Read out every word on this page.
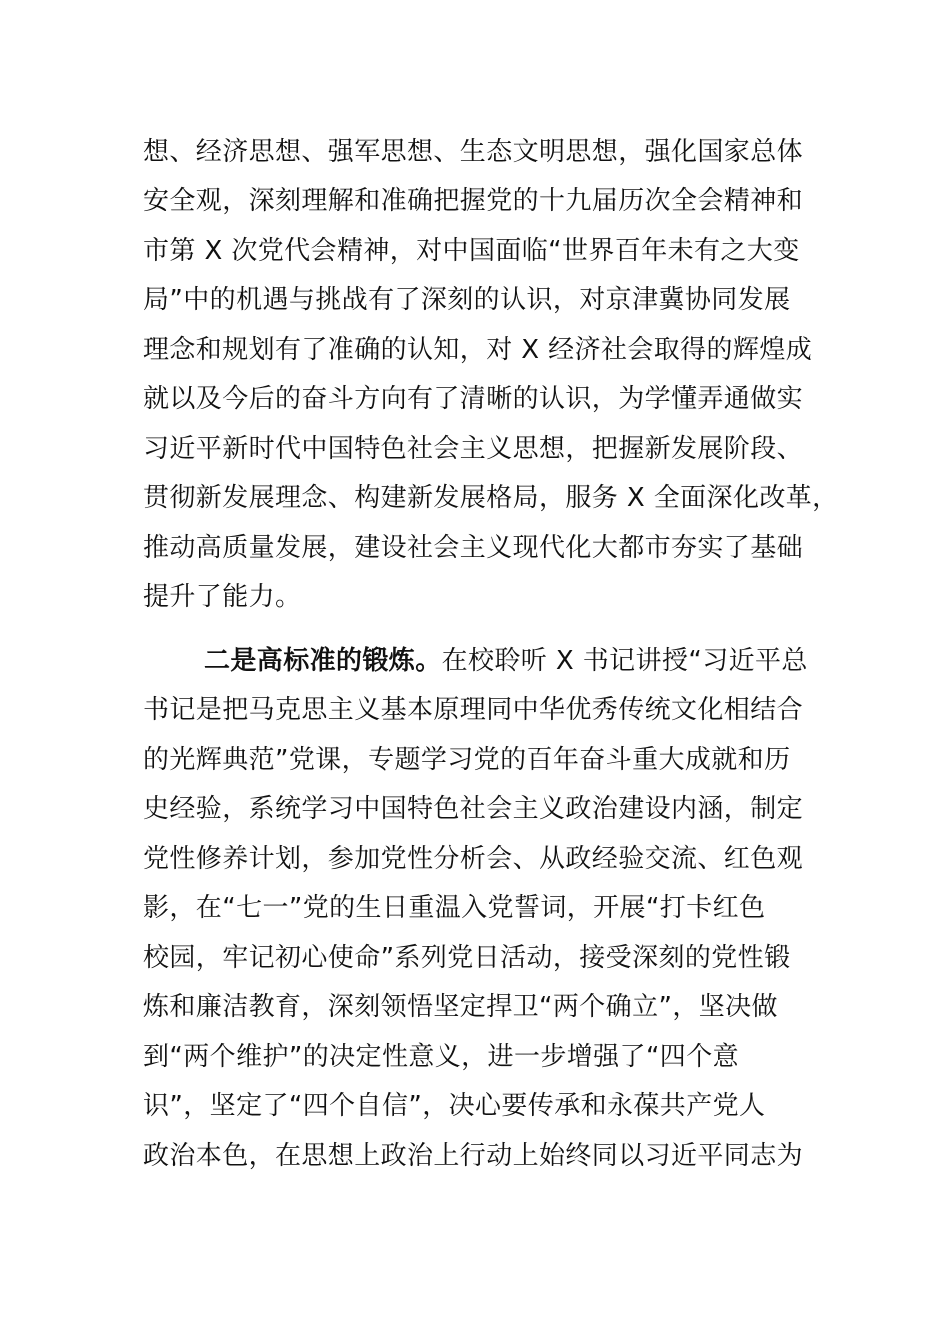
想、经济思想、强军思想、生态文明思想，强化国家总体
安全观，深刻理解和准确把握党的十九届历次全会精神和
市第 X 次党代会精神，对中国面临“世界百年未有之大变
局”中的机遇与挑战有了深刻的认识，对京津冀协同发展
理念和规划有了准确的认知，对 X 经济社会取得的辉煌成
就以及今后的奋斗方向有了清晰的认识，为学懂弄通做实
习近平新时代中国特色社会主义思想，把握新发展阶段、
贯彻新发展理念、构建新发展格局，服务 X 全面深化改革，
推动高质量发展，建设社会主义现代化大都市夯实了基础
提升了能力。
二是高标准的锻炼。在校聆听 X 书记讲授“习近平总
书记是把马克思主义基本原理同中华优秀传统文化相结合
的光辉典范”党课，专题学习党的百年奋斗重大成就和历
史经验，系统学习中国特色社会主义政治建设内涵，制定
党性修养计划，参加党性分析会、从政经验交流、红色观
影，在“七一”党的生日重温入党誓词，开展“打卡红色
校园，牢记初心使命”系列党日活动，接受深刻的党性锻
炼和廉洁教育，深刻领悟坚定捍卫“两个确立”，坚决做
到“两个维护”的决定性意义，进一步增强了“四个意
识”，坚定了“四个自信”，决心要传承和永葆共产党人
政治本色，在思想上政治上行动上始终同以习近平同志为
